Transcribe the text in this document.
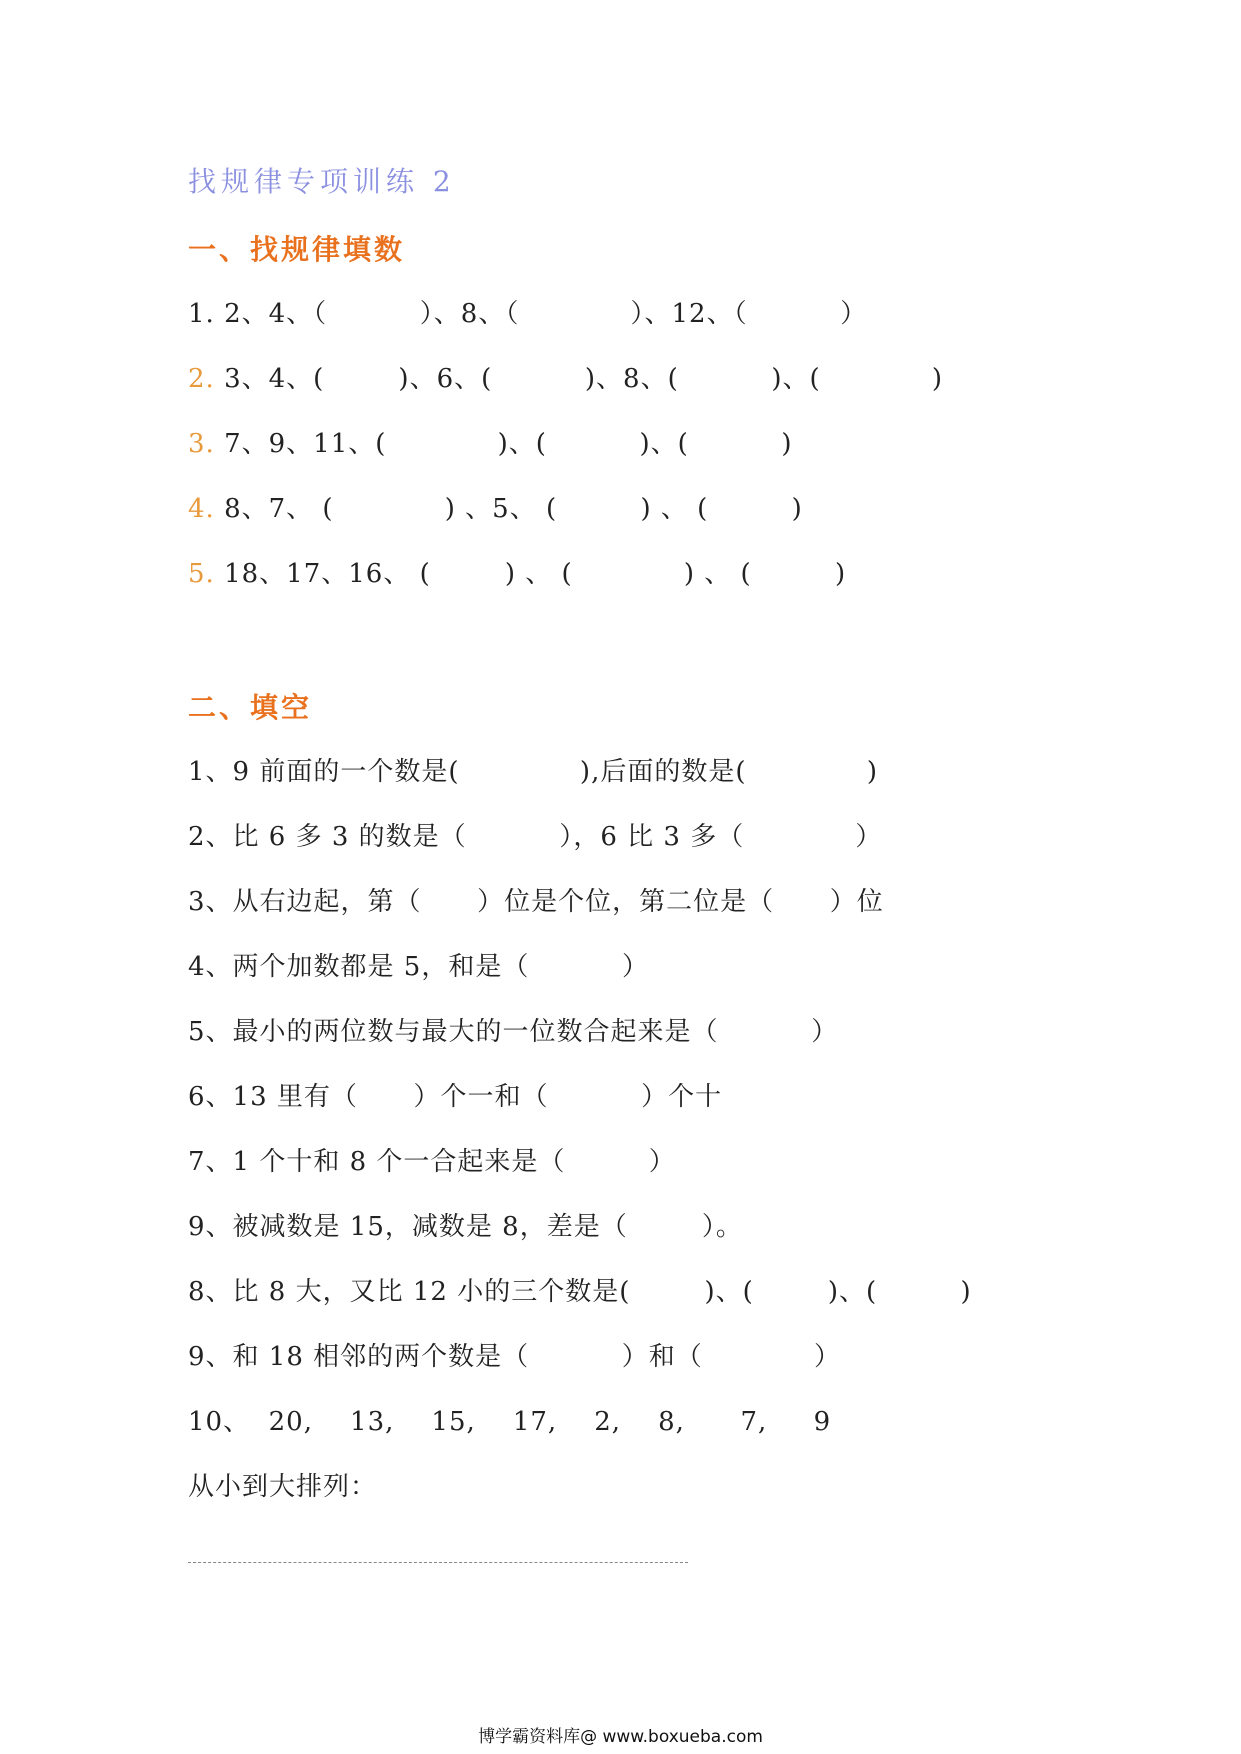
找规律专项训练 2
一、找规律填数
1. 2、4、（          ）、8、（            ）、12、（          ）
2. 3、4、(        )、6、(          )、8、(          )、(            )
3. 7、9、11、(            )、(          )、(          )
4. 8、7、 (            ) 、5、 (         ) 、 (         )
5. 18、17、16、 (        ) 、 (            ) 、 (         )
二、填空
1、9 前面的一个数是(             ),后面的数是(             )
2、比 6 多 3 的数是（          ），6 比 3 多（            ）
3、从右边起，第（      ）位是个位，第二位是（      ）位
4、两个加数都是 5，和是（          ）
5、最小的两位数与最大的一位数合起来是（          ）
6、13 里有（      ）个一和（          ）个十
7、1 个十和 8 个一合起来是（         ）
9、被减数是 15，减数是 8，差是（        ）。
8、比 8 大，又比 12 小的三个数是(        )、(        )、(         )
9、和 18 相邻的两个数是（          ）和（            ）
10、  20,    13,    15,    17,    2,    8,      7,     9
从小到大排列：
博学霸资料库@ www.boxueba.com
